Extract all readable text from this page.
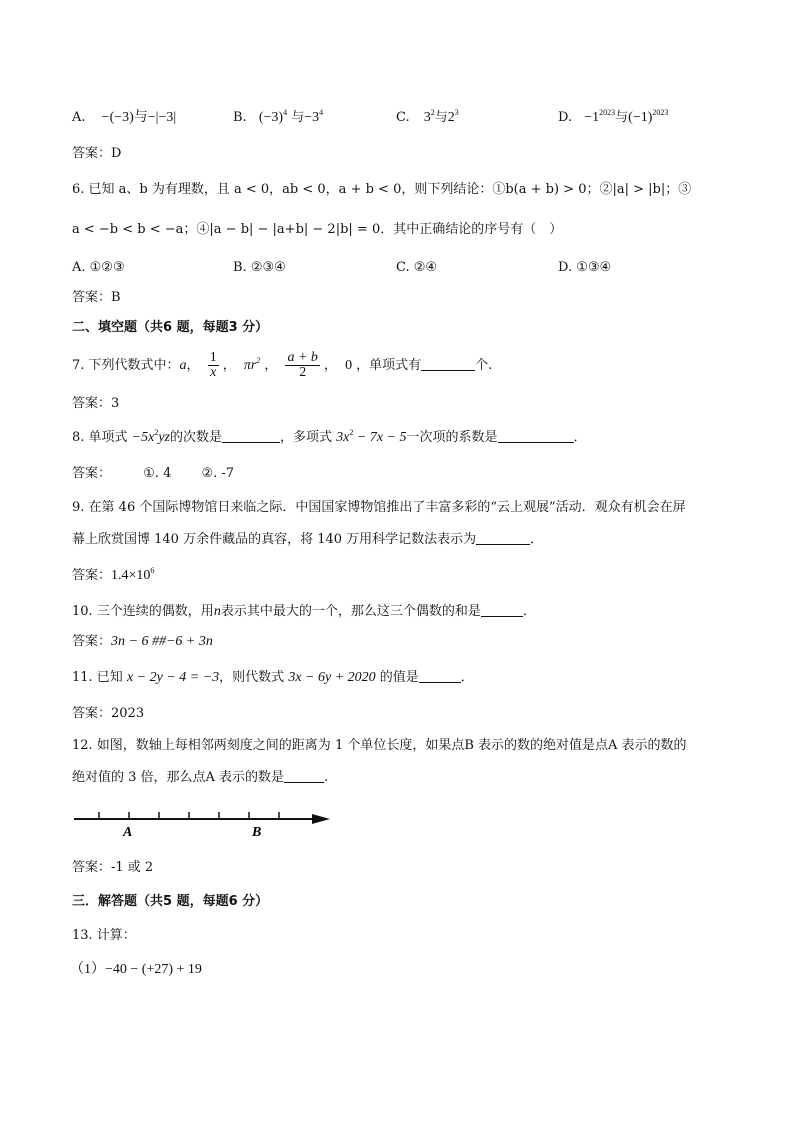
A. −(−3)与−|−3|	B. $(-3)^4$ 与$-3^4$	C. $3^2$与$2^3$	D. $-1^{2023}$与$(-1)^{2023}$
答案：D
6. 已知 a、b 为有理数，且 a < 0，ab < 0，a + b < 0，则下列结论：①b(a + b) > 0；②|a| > |b|；③
a < −b < b < −a；④|a − b| − |a+b| − 2|b| = 0．其中正确结论的序号有（　）
A. ①②③	B. ②③④	C. ②④	D. ①③④
答案：B
二、填空题（共6 题，每题3 分）
7. 下列代数式中：a， $\frac{1}{x}$ ， $\pi r^2$ ， $\frac{a + b}{2}$ ， 0 ，单项式有	个.
答案：3
8. 单项式 $-5x^2yz$的次数是	，多项式 $3x^2 - 7x - 5$一次项的系数是	．
答案： ①. 4 ②. -7
9. 在第 46 个国际博物馆日来临之际．中国国家博物馆推出了丰富多彩的“云上观展”活动．观众有机会在屏
幕上欣赏国博 140 万余件藏品的真容，将 140 万用科学记数法表示为	．
答案：$1.4\times 10^6$
10. 三个连续的偶数，用n表示其中最大的一个，那么这三个偶数的和是	．
答案：3n − 6 ##−6 + 3n
11. 已知 x − 2y − 4 = −3，则代数式 3x − 6y + 2020 的值是	．
答案：2023
12. 如图，数轴上每相邻两刻度之间的距离为 1 个单位长度，如果点B 表示的数的绝对值是点A 表示的数的
绝对值的 3 倍，那么点A 表示的数是	.
A	B
答案：-1 或 2
三．解答题（共5 题，每题6 分）
13. 计算：
（1）−40 − (+27) + 19
